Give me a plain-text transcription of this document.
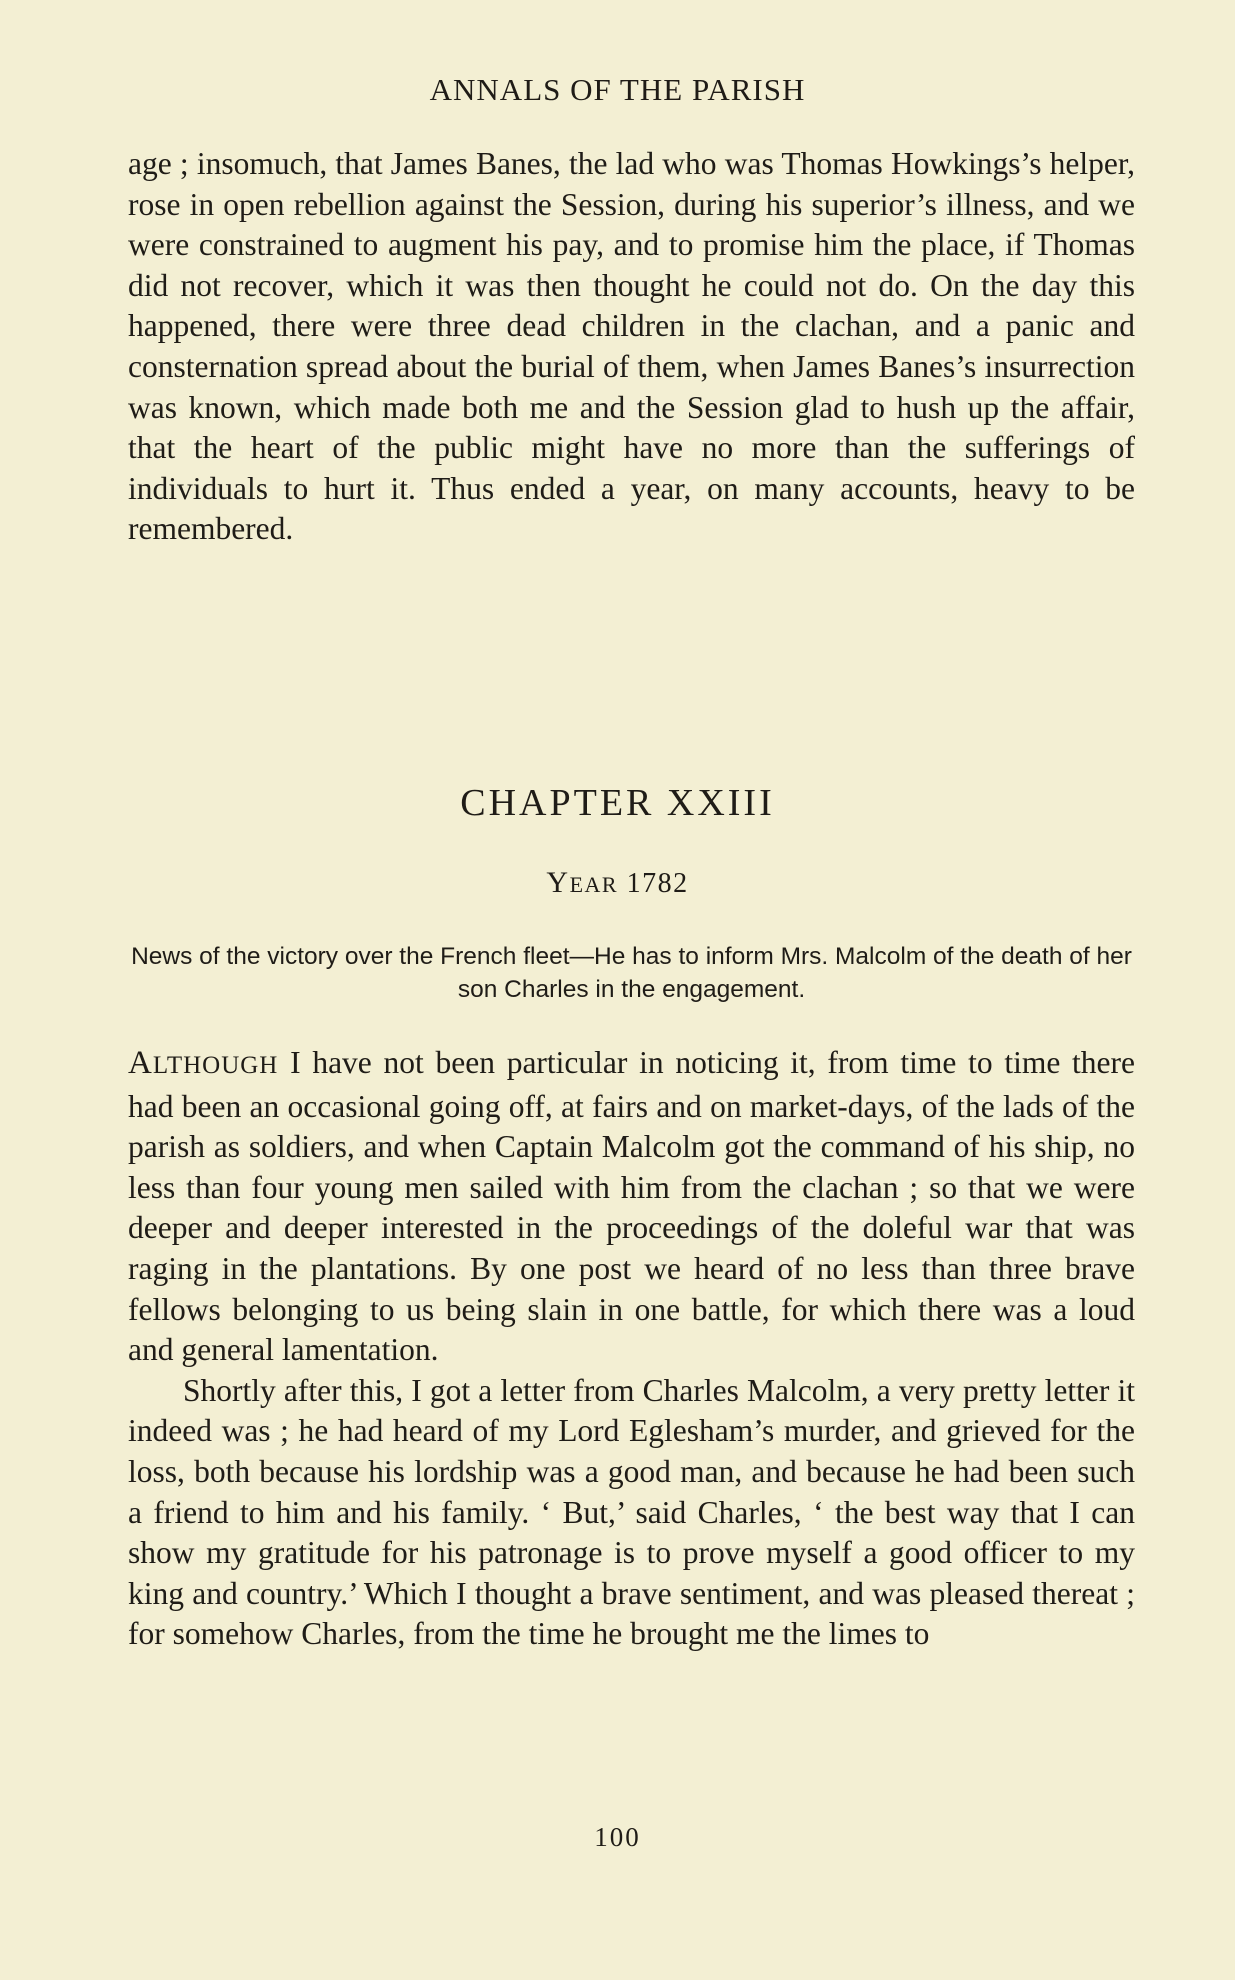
ANNALS OF THE PARISH

age ; insomuch, that James Banes, the lad who was Thomas Howkings’s helper, rose in open rebellion against the Session, during his superior’s illness, and we were constrained to augment his pay, and to promise him the place, if Thomas did not recover, which it was then thought he could not do. On the day this happened, there were three dead children in the clachan, and a panic and consternation spread about the burial of them, when James Banes’s insurrection was known, which made both me and the Session glad to hush up the affair, that the heart of the public might have no more than the sufferings of individuals to hurt it. Thus ended a year, on many accounts, heavy to be remembered.

CHAPTER XXIII
YEAR 1782
News of the victory over the French fleet—He has to inform Mrs. Malcolm of the death of her son Charles in the engagement.

ALTHOUGH I have not been particular in noticing it, from time to time there had been an occasional going off, at fairs and on market-days, of the lads of the parish as soldiers, and when Captain Malcolm got the command of his ship, no less than four young men sailed with him from the clachan ; so that we were deeper and deeper interested in the proceedings of the doleful war that was raging in the plantations. By one post we heard of no less than three brave fellows belonging to us being slain in one battle, for which there was a loud and general lamentation.

Shortly after this, I got a letter from Charles Malcolm, a very pretty letter it indeed was ; he had heard of my Lord Eglesham’s murder, and grieved for the loss, both because his lordship was a good man, and because he had been such a friend to him and his family. ‘ But,’ said Charles, ‘ the best way that I can show my gratitude for his patronage is to prove myself a good officer to my king and country.’ Which I thought a brave sentiment, and was pleased thereat ; for somehow Charles, from the time he brought me the limes to

100
